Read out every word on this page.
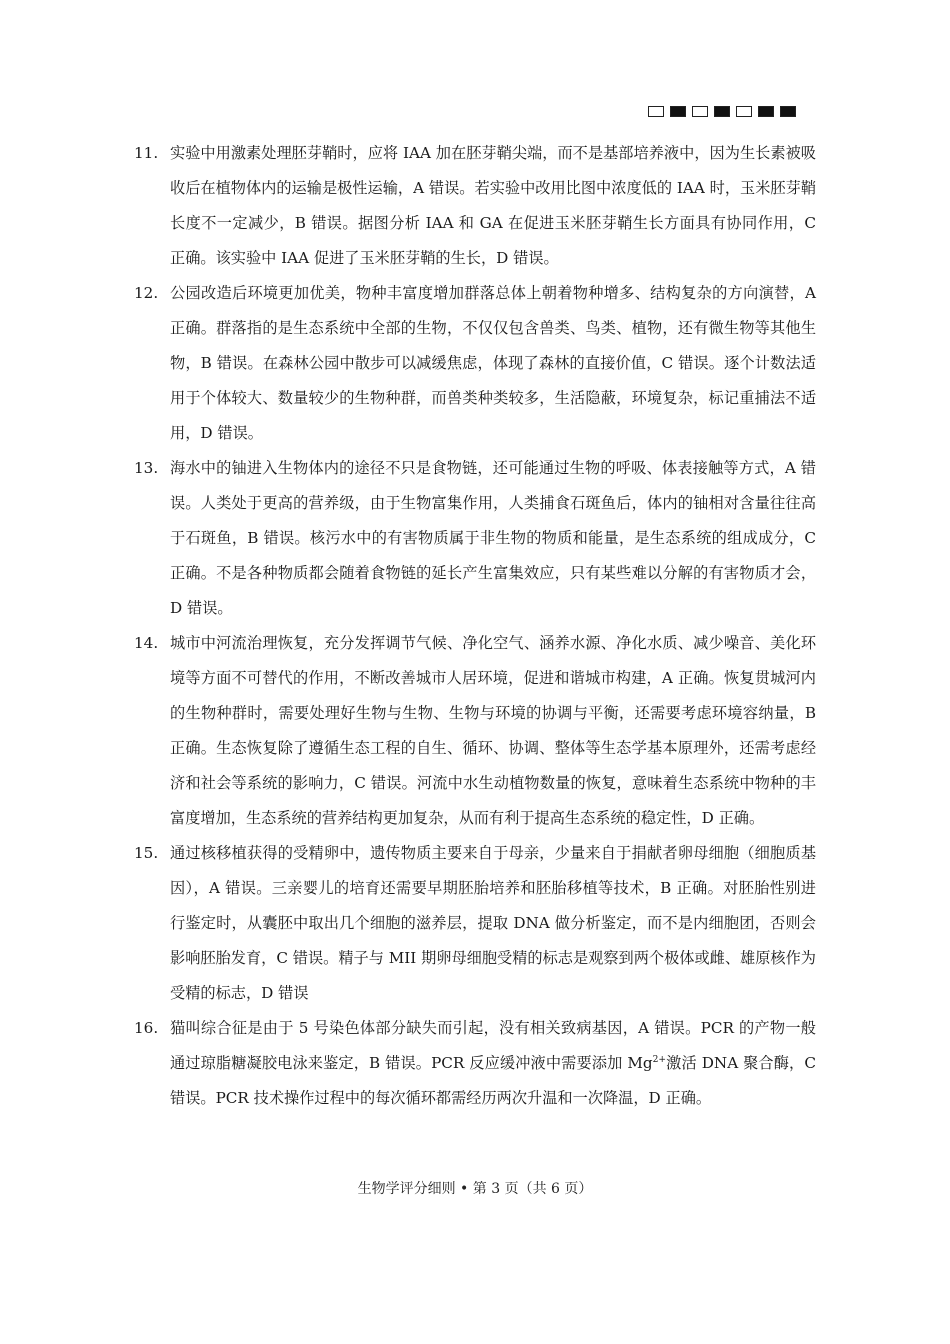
11. 实验中用激素处理胚芽鞘时，应将 IAA 加在胚芽鞘尖端，而不是基部培养液中，因为生长素被吸收后在植物体内的运输是极性运输，A 错误。若实验中改用比图中浓度低的 IAA 时，玉米胚芽鞘长度不一定减少，B 错误。据图分析 IAA 和 GA 在促进玉米胚芽鞘生长方面具有协同作用，C 正确。该实验中 IAA 促进了玉米胚芽鞘的生长，D 错误。
12. 公园改造后环境更加优美，物种丰富度增加群落总体上朝着物种增多、结构复杂的方向演替，A 正确。群落指的是生态系统中全部的生物，不仅仅包含兽类、鸟类、植物，还有微生物等其他生物，B 错误。在森林公园中散步可以减缓焦虑，体现了森林的直接价值，C 错误。逐个计数法适用于个体较大、数量较少的生物种群，而兽类种类较多，生活隐蔽，环境复杂，标记重捕法不适用，D 错误。
13. 海水中的铀进入生物体内的途径不只是食物链，还可能通过生物的呼吸、体表接触等方式，A 错误。人类处于更高的营养级，由于生物富集作用，人类捕食石斑鱼后，体内的铀相对含量往往高于石斑鱼，B 错误。核污水中的有害物质属于非生物的物质和能量，是生态系统的组成成分，C 正确。不是各种物质都会随着食物链的延长产生富集效应，只有某些难以分解的有害物质才会，D 错误。
14. 城市中河流治理恢复，充分发挥调节气候、净化空气、涵养水源、净化水质、减少噪音、美化环境等方面不可替代的作用，不断改善城市人居环境，促进和谐城市构建，A 正确。恢复贯城河内的生物种群时，需要处理好生物与生物、生物与环境的协调与平衡，还需要考虑环境容纳量，B 正确。生态恢复除了遵循生态工程的自生、循环、协调、整体等生态学基本原理外，还需考虑经济和社会等系统的影响力，C 错误。河流中水生动植物数量的恢复，意味着生态系统中物种的丰富度增加，生态系统的营养结构更加复杂，从而有利于提高生态系统的稳定性，D 正确。
15. 通过核移植获得的受精卵中，遗传物质主要来自于母亲，少量来自于捐献者卵母细胞（细胞质基因），A 错误。三亲婴儿的培育还需要早期胚胎培养和胚胎移植等技术，B 正确。对胚胎性别进行鉴定时，从囊胚中取出几个细胞的滋养层，提取 DNA 做分析鉴定，而不是内细胞团，否则会影响胚胎发育，C 错误。精子与 MII 期卵母细胞受精的标志是观察到两个极体或雌、雄原核作为受精的标志，D 错误
16. 猫叫综合征是由于 5 号染色体部分缺失而引起，没有相关致病基因，A 错误。PCR 的产物一般通过琼脂糖凝胶电泳来鉴定，B 错误。PCR 反应缓冲液中需要添加 $Mg^{2+}$激活 DNA 聚合酶，C 错误。PCR 技术操作过程中的每次循环都需经历两次升温和一次降温，D 正确。
生物学评分细则 • 第 3 页（共 6 页）
